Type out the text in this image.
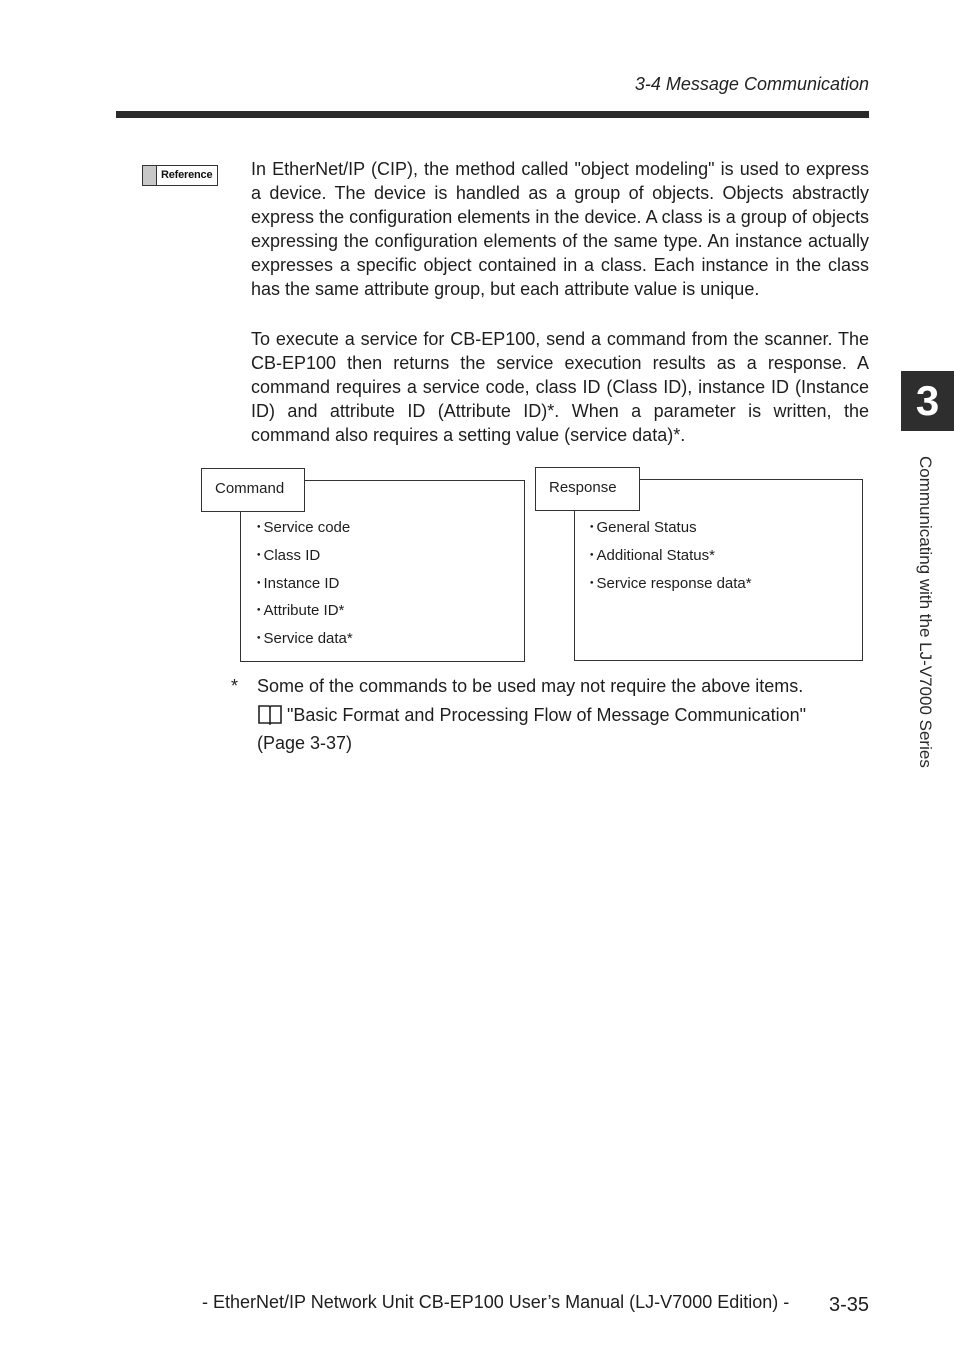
3-4 Message Communication
Reference In EtherNet/IP (CIP), the method called "object modeling" is used to express a device. The device is handled as a group of objects. Objects abstractly express the configuration elements in the device. A class is a group of objects expressing the configuration elements of the same type. An instance actually expresses a specific object contained in a class. Each instance in the class has the same attribute group, but each attribute value is unique.

To execute a service for CB-EP100, send a command from the scanner. The CB-EP100 then returns the service execution results as a response. A command requires a service code, class ID (Class ID), instance ID (Instance ID) and attribute ID (Attribute ID)*. When a parameter is written, the command also requires a setting value (service data)*.

Command
･ Service code
･ Class ID
･ Instance ID
･ Attribute ID*
･ Service data*
Response
･ General Status
･ Additional Status*
･ Service response data*
* Some of the commands to be used may not require the above items.
"Basic Format and Processing Flow of Message Communication" (Page 3-37)
3
Communicating with the LJ-V7000 Series
- EtherNet/IP Network Unit CB-EP100 User’s Manual (LJ-V7000 Edition) - 3-35
